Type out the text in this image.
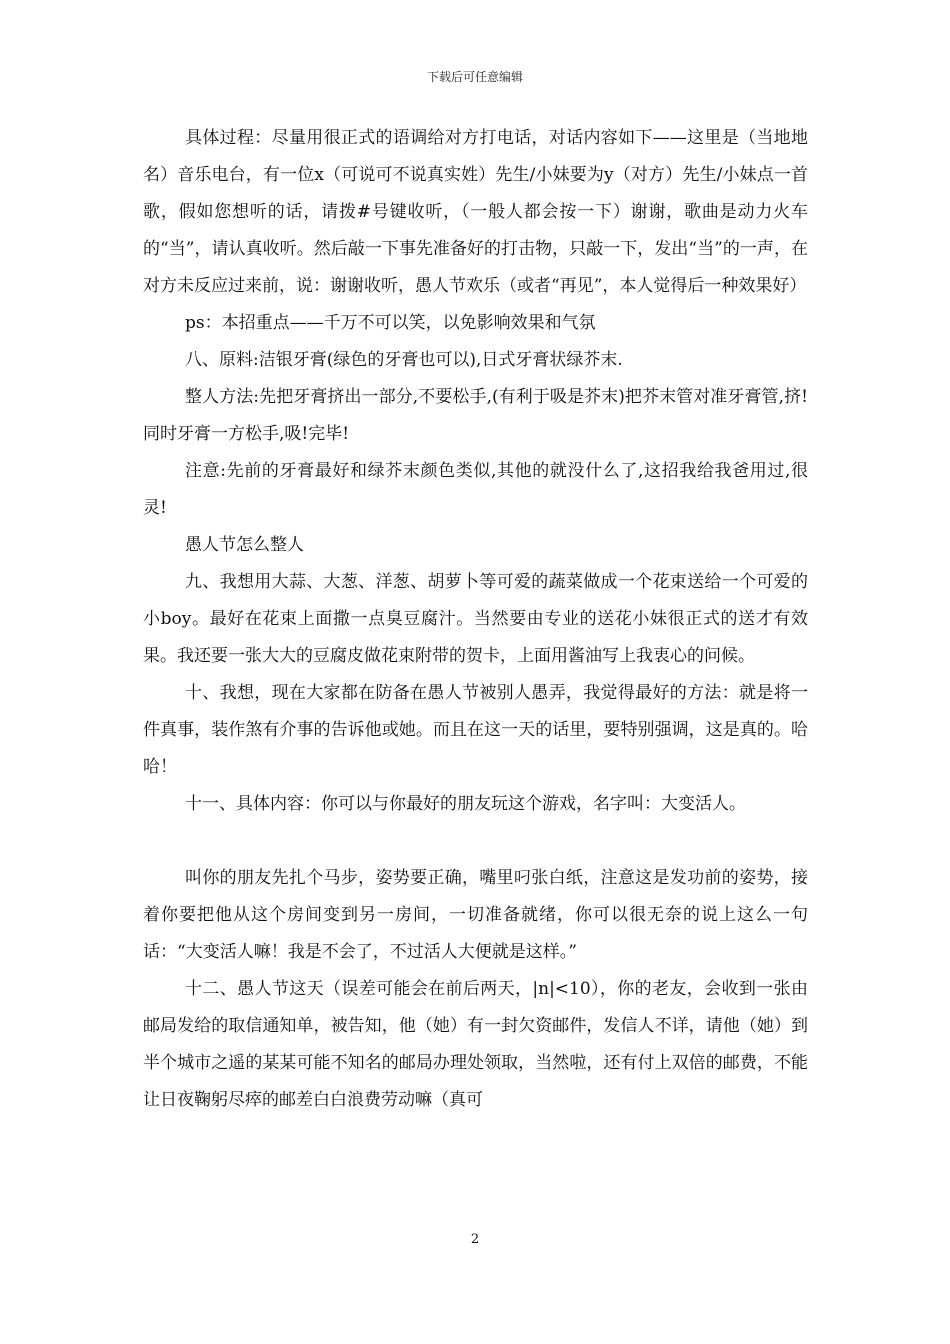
下载后可任意编辑

具体过程：尽量用很正式的语调给对方打电话，对话内容如下——这里是（当地地名）音乐电台，有一位x（可说可不说真实姓）先生/小妹要为y（对方）先生/小妹点一首歌，假如您想听的话，请拨#号键收听，（一般人都会按一下）谢谢，歌曲是动力火车的“当”，请认真收听。然后敲一下事先准备好的打击物，只敲一下，发出“当”的一声，在对方未反应过来前，说：谢谢收听，愚人节欢乐（或者“再见”，本人觉得后一种效果好）

ps：本招重点——千万不可以笑，以免影响效果和气氛

八、原料:洁银牙膏(绿色的牙膏也可以),日式牙膏状绿芥末.

整人方法:先把牙膏挤出一部分,不要松手,(有利于吸是芥末)把芥末管对准牙膏管,挤!同时牙膏一方松手,吸!完毕!

注意:先前的牙膏最好和绿芥末颜色类似,其他的就没什么了,这招我给我爸用过,很灵!

愚人节怎么整人

九、我想用大蒜、大葱、洋葱、胡萝卜等可爱的蔬菜做成一个花束送给一个可爱的小boy。最好在花束上面撒一点臭豆腐汁。当然要由专业的送花小妹很正式的送才有效果。我还要一张大大的豆腐皮做花束附带的贺卡，上面用酱油写上我衷心的问候。

十、我想，现在大家都在防备在愚人节被别人愚弄，我觉得最好的方法：就是将一件真事，装作煞有介事的告诉他或她。而且在这一天的话里，要特别强调，这是真的。哈哈！

十一、具体内容：你可以与你最好的朋友玩这个游戏，名字叫：大变活人。

叫你的朋友先扎个马步，姿势要正确，嘴里叼张白纸，注意这是发功前的姿势，接着你要把他从这个房间变到另一房间，一切准备就绪，你可以很无奈的说上这么一句话：“大变活人嘛！我是不会了，不过活人大便就是这样。”

十二、愚人节这天（误差可能会在前后两天，|n|<10），你的老友，会收到一张由邮局发给的取信通知单，被告知，他（她）有一封欠资邮件，发信人不详，请他（她）到半个城市之遥的某某可能不知名的邮局办理处领取，当然啦，还有付上双倍的邮费，不能让日夜鞠躬尽瘁的邮差白白浪费劳动嘛（真可

2
